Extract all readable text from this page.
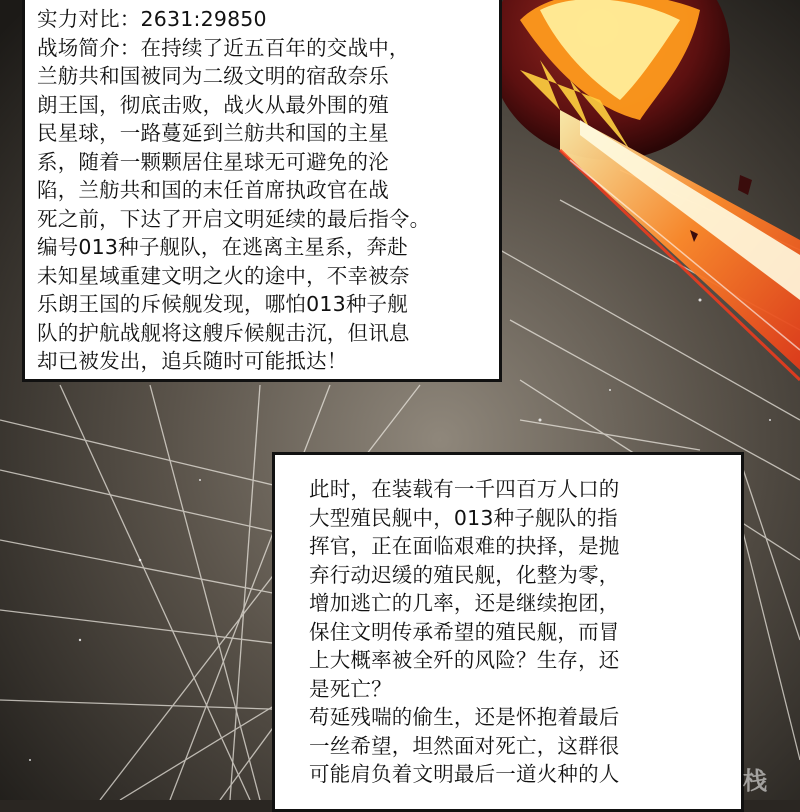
实力对比：2631:29850

战场简介：在持续了近五百年的交战中，

兰舫共和国被同为二级文明的宿敌奈乐

朗王国，彻底击败，战火从最外围的殖

民星球，一路蔓延到兰舫共和国的主星

系，随着一颗颗居住星球无可避免的沦

陷，兰舫共和国的末任首席执政官在战

死之前，下达了开启文明延续的最后指令。

编号013种子舰队，在逃离主星系，奔赴

未知星域重建文明之火的途中，不幸被奈

乐朗王国的斥候舰发现，哪怕013种子舰

队的护航战舰将这艘斥候舰击沉，但讯息

却已被发出，追兵随时可能抵达！

此时，在装载有一千四百万人口的

大型殖民舰中，013种子舰队的指

挥官，正在面临艰难的抉择，是抛

弃行动迟缓的殖民舰，化整为零，

增加逃亡的几率，还是继续抱团，

保住文明传承希望的殖民舰，而冒

上大概率被全歼的风险？生存，还

是死亡？

苟延残喘的偷生，还是怀抱着最后

一丝希望，坦然面对死亡，这群很

可能肩负着文明最后一道火种的人	漫客栈
